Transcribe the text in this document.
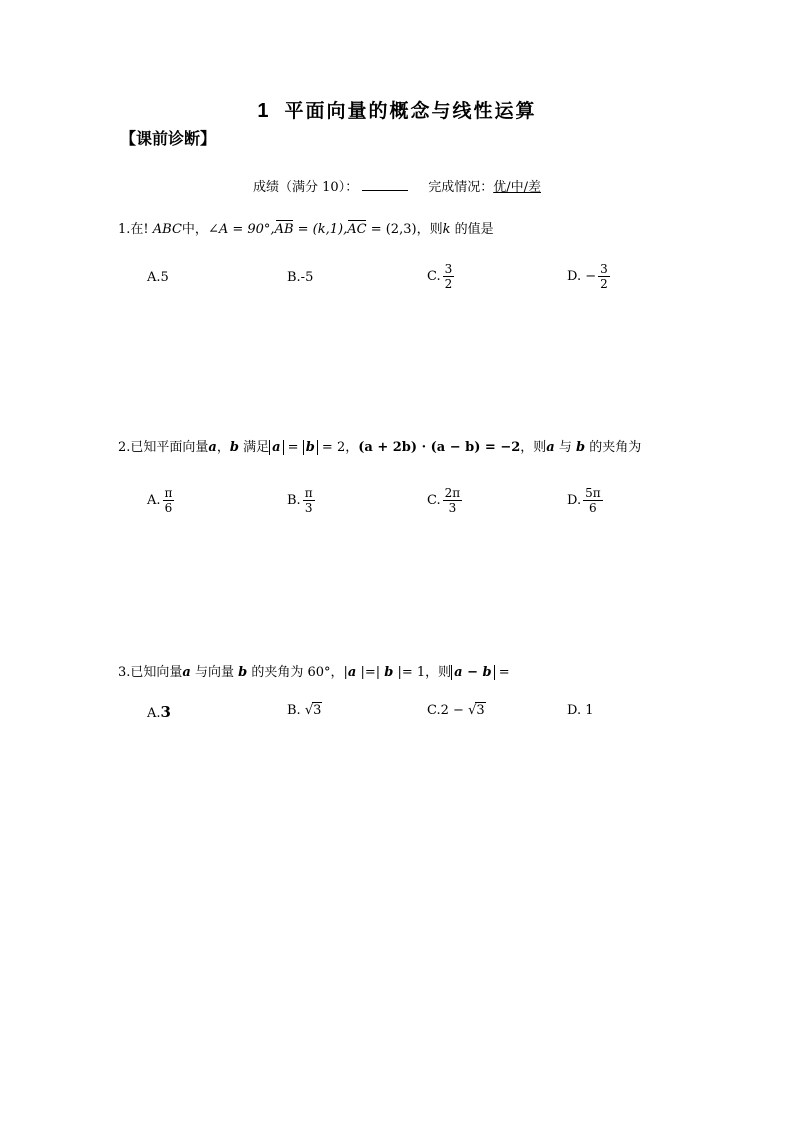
1 平面向量的概念与线性运算
【课前诊断】
成绩（满分 10）：	完成情况：优/中/差
1.在! ABC中，∠A = 90°,AB = (k,1),AC = (2,3)，则k 的值是
A.5	B.-5	C. $\frac{3}{2}$	D. − $\frac{3}{2}$
2.已知平面向量a，b 满足 a = b = 2，(a + 2b) · (a − b) = −2，则a 与 b 的夹角为
A. $\frac{\pi}{6}$	B. $\frac{\pi}{3}$	C. $\frac{2\pi}{3}$	D. $\frac{5\pi}{6}$
3.已知向量a 与向量 b 的夹角为 60°，|a |=| b |= 1，则 a − b =
A.3	B. √3	C.2 − √3	D. 1
